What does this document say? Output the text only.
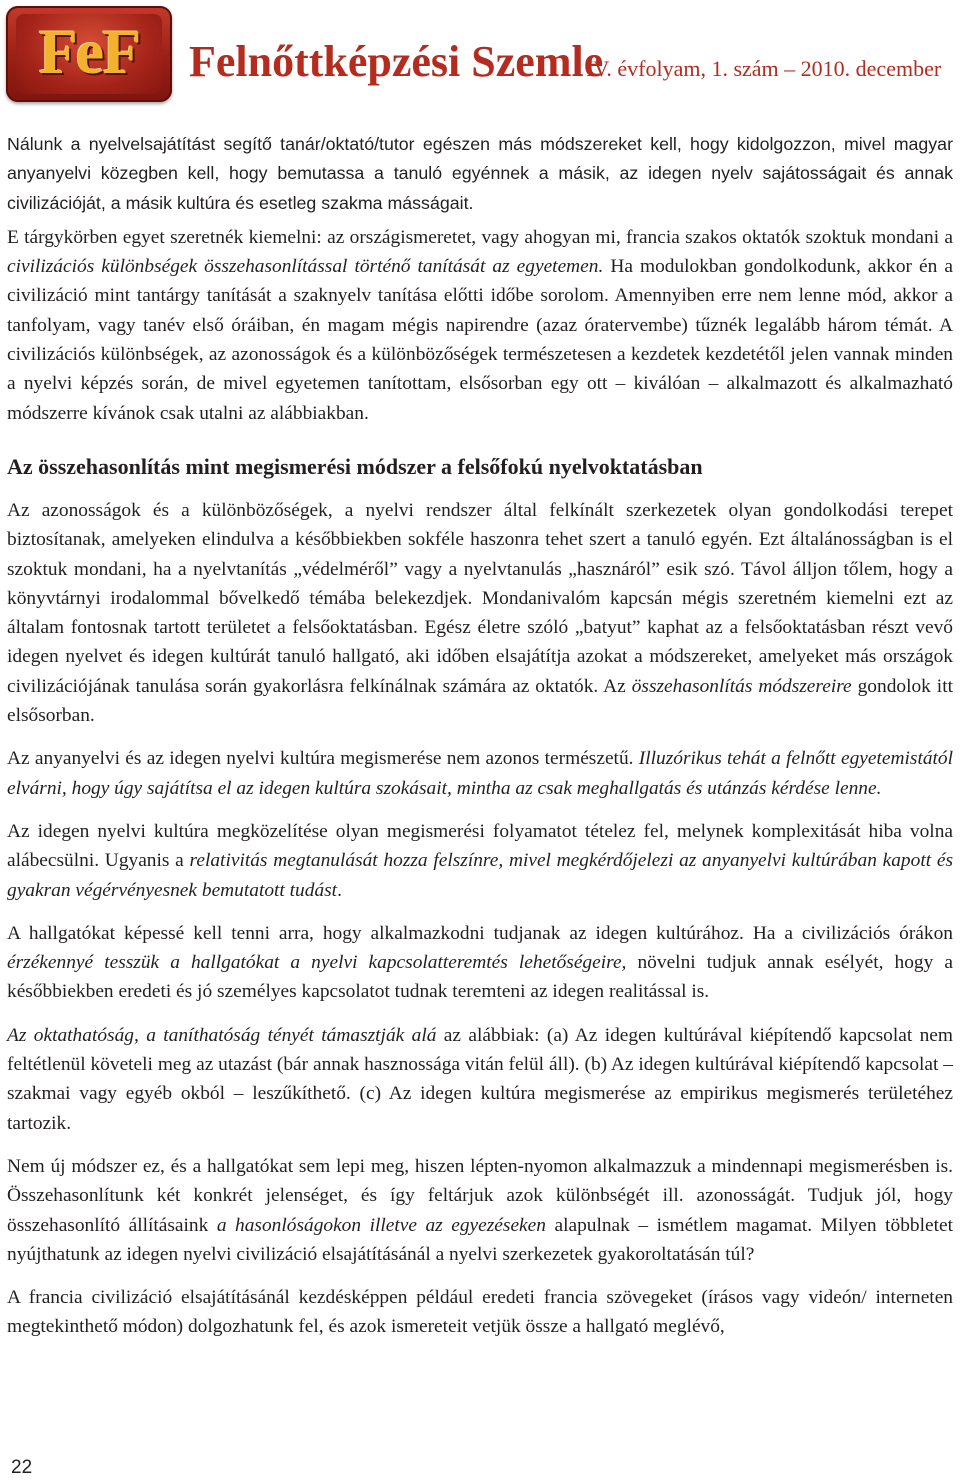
FeF	Felnőttképzési Szemle
IV. évfolyam, 1. szám – 2010. december

Nálunk a nyelvelsajátítást segítő tanár/oktató/tutor egészen más módszereket kell, hogy kidolgozzon, mivel magyar anyanyelvi közegben kell, hogy bemutassa a tanuló egyénnek a másik, az idegen nyelv sajátosságait és annak civilizációját, a másik kultúra és esetleg szakma másságait.

E tárgykörben egyet szeretnék kiemelni: az országismeretet, vagy ahogyan mi, francia szakos oktatók szoktuk mondani a civilizációs különbségek összehasonlítással történő tanítását az egyetemen. Ha modulokban gondolkodunk, akkor én a civilizáció mint tantárgy tanítását a szaknyelv tanítása előtti időbe sorolom. Amennyiben erre nem lenne mód, akkor a tanfolyam, vagy tanév első óráiban, én magam mégis napirendre (azaz óratervembe) tűznék legalább három témát. A civilizációs különbségek, az azonosságok és a különbözőségek természetesen a kezdetek kezdetétől jelen vannak minden a nyelvi képzés során, de mivel egyetemen tanítottam, elsősorban egy ott – kiválóan – alkalmazott és alkalmazható módszerre kívánok csak utalni az alábbiakban.

Az összehasonlítás mint megismerési módszer a felsőfokú nyelvoktatásban

Az azonosságok és a különbözőségek, a nyelvi rendszer által felkínált szerkezetek olyan gondolkodási terepet biztosítanak, amelyeken elindulva a későbbiekben sokféle haszonra tehet szert a tanuló egyén. Ezt általánosságban is el szoktuk mondani, ha a nyelvtanítás „védelméről” vagy a nyelvtanulás „hasznáról” esik szó. Távol álljon tőlem, hogy a könyvtárnyi irodalommal bővelkedő témába belekezdjek. Mondanivalóm kapcsán mégis szeretném kiemelni ezt az általam fontosnak tartott területet a felsőoktatásban. Egész életre szóló „batyut” kaphat az a felsőoktatásban részt vevő idegen nyelvet és idegen kultúrát tanuló hallgató, aki időben elsajátítja azokat a módszereket, amelyeket más országok civilizációjának tanulása során gyakorlásra felkínálnak számára az oktatók. Az összehasonlítás módszereire gondolok itt elsősorban.

Az anyanyelvi és az idegen nyelvi kultúra megismerése nem azonos természetű. Illuzórikus tehát a felnőtt egyetemistától elvárni, hogy úgy sajátítsa el az idegen kultúra szokásait, mintha az csak meghallgatás és utánzás kérdése lenne.

Az idegen nyelvi kultúra megközelítése olyan megismerési folyamatot tételez fel, melynek komplexitását hiba volna alábecsülni. Ugyanis a relativitás megtanulását hozza felszínre, mivel megkérdőjelezi az anyanyelvi kultúrában kapott és gyakran végérvényesnek bemutatott tudást.

A hallgatókat képessé kell tenni arra, hogy alkalmazkodni tudjanak az idegen kultúrához. Ha a civilizációs órákon érzékennyé tesszük a hallgatókat a nyelvi kapcsolatteremtés lehetőségeire, növelni tudjuk annak esélyét, hogy a későbbiekben eredeti és jó személyes kapcsolatot tudnak teremteni az idegen realitással is.

Az oktathatóság, a taníthatóság tényét támasztják alá az alábbiak: (a) Az idegen kultúrával kiépítendő kapcsolat nem feltétlenül követeli meg az utazást (bár annak hasznossága vitán felül áll). (b) Az idegen kultúrával kiépítendő kapcsolat – szakmai vagy egyéb okból – leszűkíthető. (c) Az idegen kultúra megismerése az empirikus megismerés területéhez tartozik.

Nem új módszer ez, és a hallgatókat sem lepi meg, hiszen lépten-nyomon alkalmazzuk a mindennapi megismerésben is. Összehasonlítunk két konkrét jelenséget, és így feltárjuk azok különbségét ill. azonosságát. Tudjuk jól, hogy összehasonlító állításaink a hasonlóságokon illetve az egyezéseken alapulnak – ismétlem magamat. Milyen többletet nyújthatunk az idegen nyelvi civilizáció elsajátításánál a nyelvi szerkezetek gyakoroltatásán túl?

A francia civilizáció elsajátításánál kezdésképpen például eredeti francia szövegeket (írásos vagy videón/ interneten megtekinthető módon) dolgozhatunk fel, és azok ismereteit vetjük össze a hallgató meglévő,

22
